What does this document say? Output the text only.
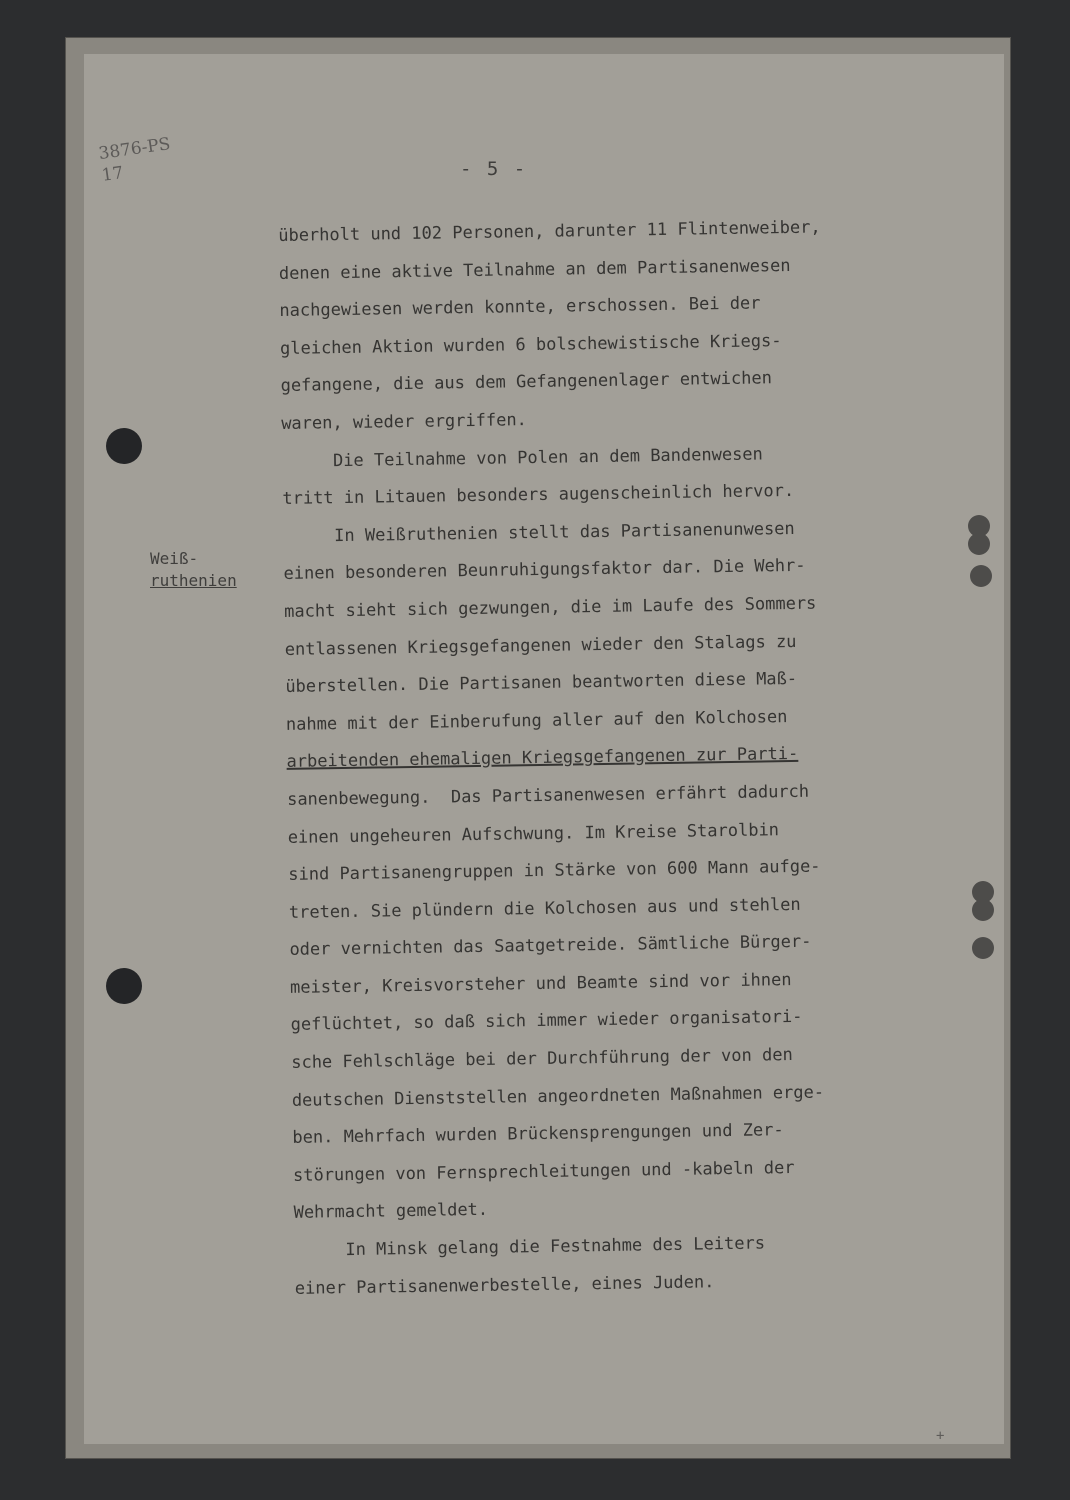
3876-PS
17	- 5 -
Weiß-
ruthenien
überholt und 102 Personen, darunter 11 Flintenweiber,
denen eine aktive Teilnahme an dem Partisanenwesen
nachgewiesen werden konnte, erschossen. Bei der
gleichen Aktion wurden 6 bolschewistische Kriegs-
gefangene, die aus dem Gefangenenlager entwichen
waren, wieder ergriffen.
Die Teilnahme von Polen an dem Bandenwesen
tritt in Litauen besonders augenscheinlich hervor.
In Weißruthenien stellt das Partisanenunwesen
einen besonderen Beunruhigungsfaktor dar. Die Wehr-
macht sieht sich gezwungen, die im Laufe des Sommers
entlassenen Kriegsgefangenen wieder den Stalags zu
überstellen. Die Partisanen beantworten diese Maß-
nahme mit der Einberufung aller auf den Kolchosen
arbeitenden ehemaligen Kriegsgefangenen zur Parti-
sanenbewegung.  Das Partisanenwesen erfährt dadurch
einen ungeheuren Aufschwung. Im Kreise Starolbin
sind Partisanengruppen in Stärke von 600 Mann aufge-
treten. Sie plündern die Kolchosen aus und stehlen
oder vernichten das Saatgetreide. Sämtliche Bürger-
meister, Kreisvorsteher und Beamte sind vor ihnen
geflüchtet, so daß sich immer wieder organisatori-
sche Fehlschläge bei der Durchführung der von den
deutschen Dienststellen angeordneten Maßnahmen erge-
ben. Mehrfach wurden Brückensprengungen und Zer-
störungen von Fernsprechleitungen und -kabeln der
Wehrmacht gemeldet.
In Minsk gelang die Festnahme des Leiters
einer Partisanenwerbestelle, eines Juden.
+
